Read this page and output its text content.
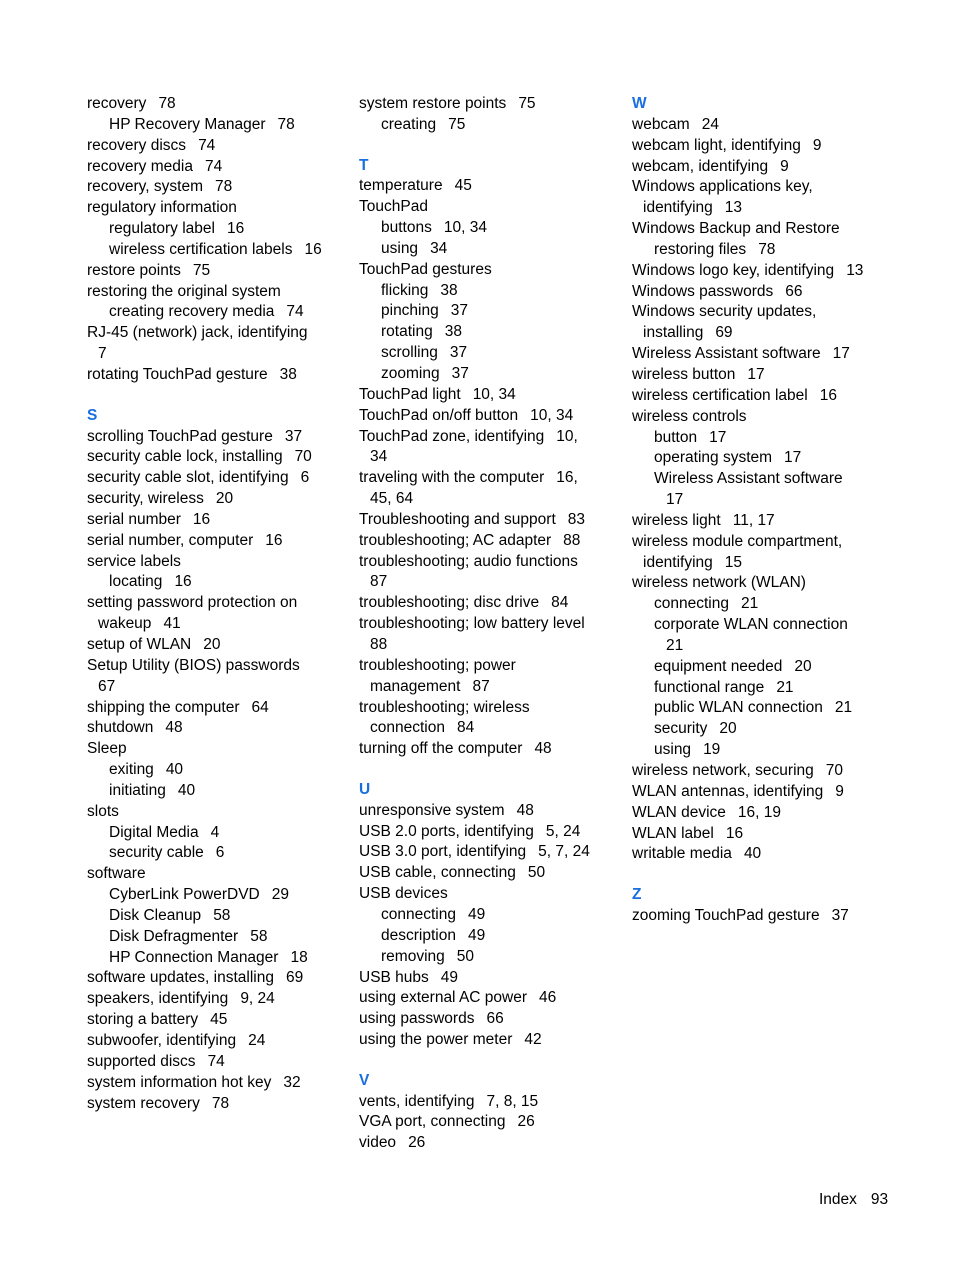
recovery 78
HP Recovery Manager 78
recovery discs 74
recovery media 74
recovery, system 78
regulatory information
regulatory label 16
wireless certification labels 16
restore points 75
restoring the original system
creating recovery media 74
RJ-45 (network) jack, identifying
7
rotating TouchPad gesture 38
S
scrolling TouchPad gesture 37
security cable lock, installing 70
security cable slot, identifying 6
security, wireless 20
serial number 16
serial number, computer 16
service labels
locating 16
setting password protection on
wakeup 41
setup of WLAN 20
Setup Utility (BIOS) passwords
67
shipping the computer 64
shutdown 48
Sleep
exiting 40
initiating 40
slots
Digital Media 4
security cable 6
software
CyberLink PowerDVD 29
Disk Cleanup 58
Disk Defragmenter 58
HP Connection Manager 18
software updates, installing 69
speakers, identifying 9, 24
storing a battery 45
subwoofer, identifying 24
supported discs 74
system information hot key 32
system recovery 78
system restore points 75
creating 75
T
temperature 45
TouchPad
buttons 10, 34
using 34
TouchPad gestures
flicking 38
pinching 37
rotating 38
scrolling 37
zooming 37
TouchPad light 10, 34
TouchPad on/off button 10, 34
TouchPad zone, identifying 10,
34
traveling with the computer 16,
45, 64
Troubleshooting and support 83
troubleshooting; AC adapter 88
troubleshooting; audio functions
87
troubleshooting; disc drive 84
troubleshooting; low battery level
88
troubleshooting; power
management 87
troubleshooting; wireless
connection 84
turning off the computer 48
U
unresponsive system 48
USB 2.0 ports, identifying 5, 24
USB 3.0 port, identifying 5, 7, 24
USB cable, connecting 50
USB devices
connecting 49
description 49
removing 50
USB hubs 49
using external AC power 46
using passwords 66
using the power meter 42
V
vents, identifying 7, 8, 15
VGA port, connecting 26
video 26
W
webcam 24
webcam light, identifying 9
webcam, identifying 9
Windows applications key,
identifying 13
Windows Backup and Restore
restoring files 78
Windows logo key, identifying 13
Windows passwords 66
Windows security updates,
installing 69
Wireless Assistant software 17
wireless button 17
wireless certification label 16
wireless controls
button 17
operating system 17
Wireless Assistant software
17
wireless light 11, 17
wireless module compartment,
identifying 15
wireless network (WLAN)
connecting 21
corporate WLAN connection
21
equipment needed 20
functional range 21
public WLAN connection 21
security 20
using 19
wireless network, securing 70
WLAN antennas, identifying 9
WLAN device 16, 19
WLAN label 16
writable media 40
Z
zooming TouchPad gesture 37
Index 93
